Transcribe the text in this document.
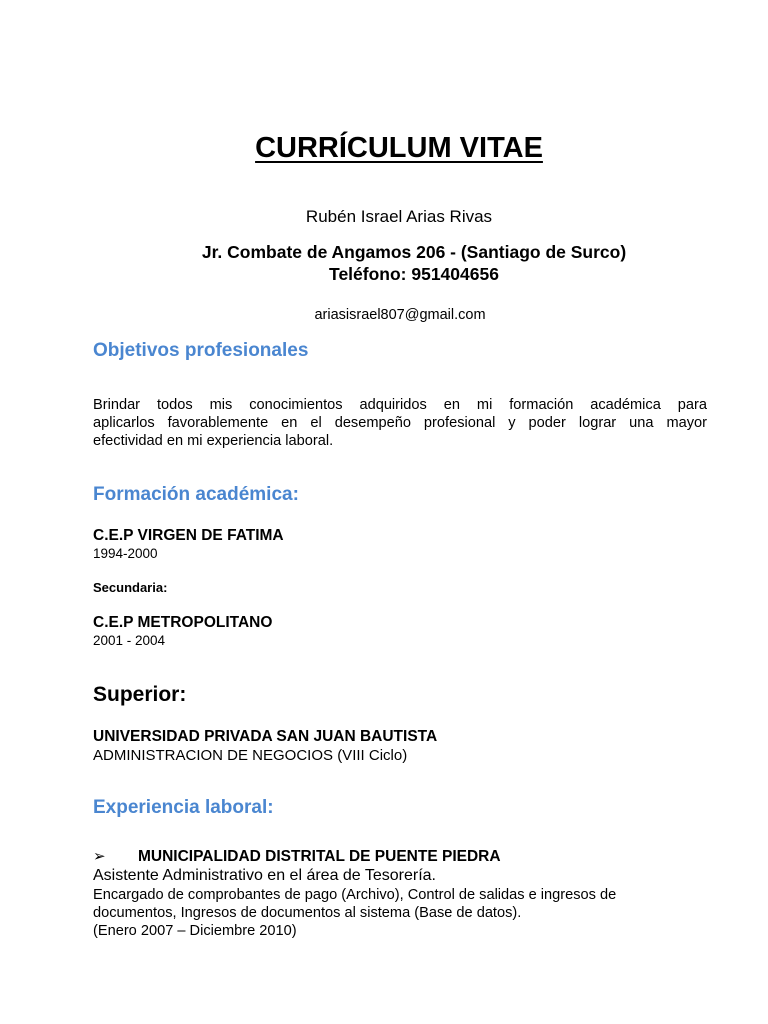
CURRÍCULUM VITAE
Rubén Israel Arias Rivas
Jr. Combate de Angamos 206 - (Santiago de Surco)
Teléfono: 951404656
ariasisrael807@gmail.com
Objetivos profesionales
Brindar todos mis conocimientos adquiridos en mi formación académica para
aplicarlos favorablemente en el desempeño profesional y poder lograr una mayor
efectividad en mi experiencia laboral.
Formación académica:
C.E.P VIRGEN DE FATIMA
1994-2000
Secundaria:
C.E.P METROPOLITANO
2001 - 2004
Superior:
UNIVERSIDAD PRIVADA SAN JUAN BAUTISTA
ADMINISTRACION DE NEGOCIOS (VIII Ciclo)
Experiencia laboral:
➢ MUNICIPALIDAD DISTRITAL DE PUENTE PIEDRA
Asistente Administrativo en el área de Tesorería.
Encargado de comprobantes de pago (Archivo), Control de salidas e ingresos de
documentos, Ingresos de documentos al sistema (Base de datos).
(Enero 2007 – Diciembre 2010)
